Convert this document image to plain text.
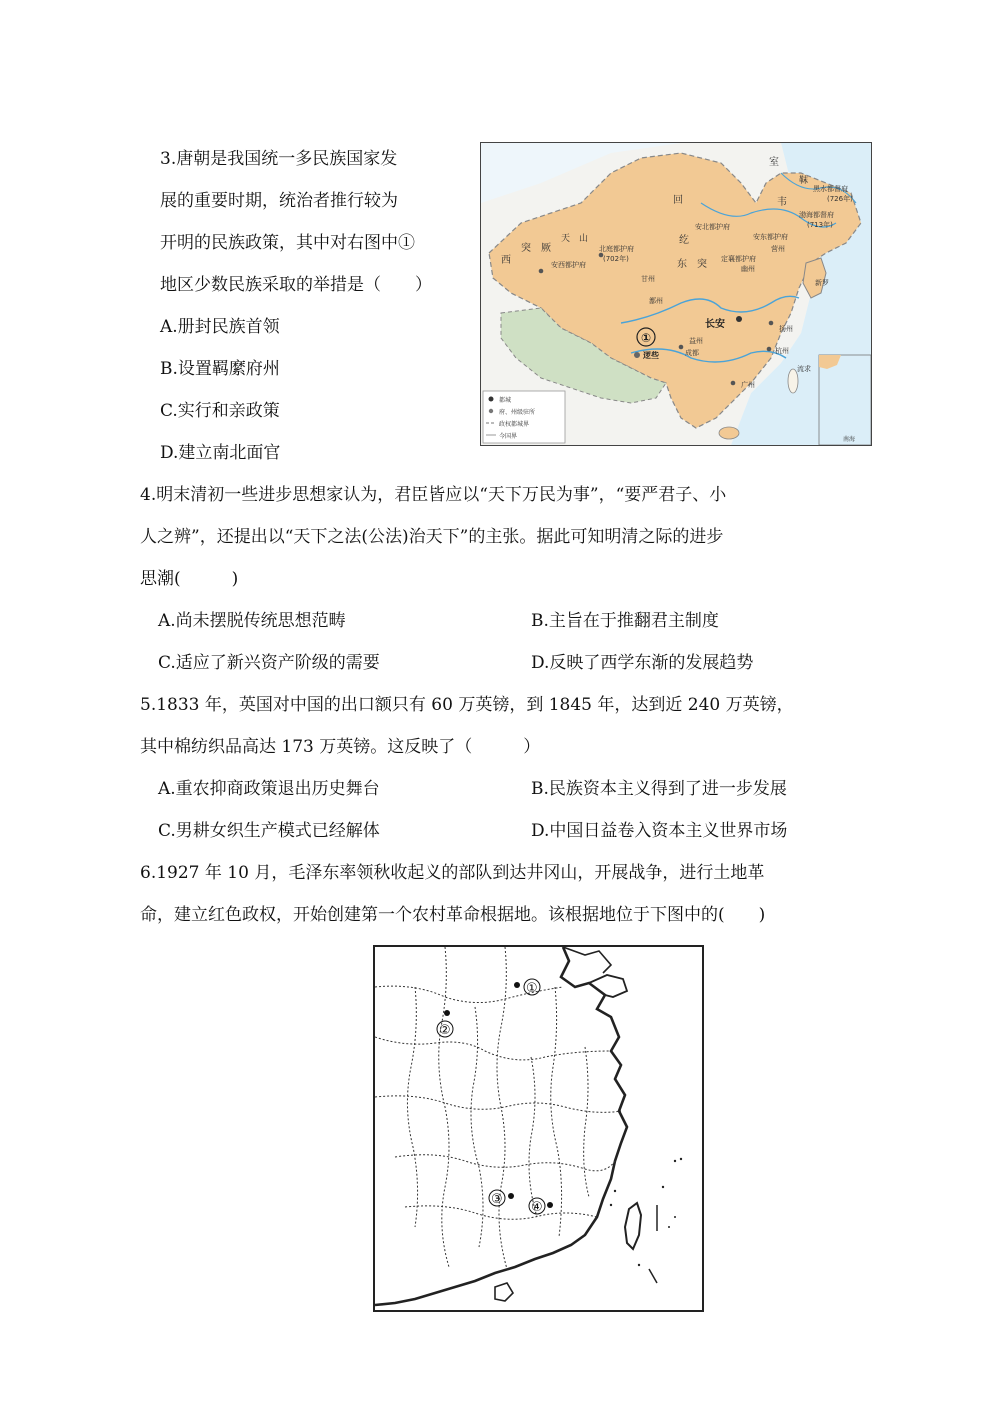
3.唐朝是我国统一多民族国家发
展的重要时期，统治者推行较为
开明的民族政策，其中对右图中①
地区少数民族采取的举措是（　　）
A.册封民族首领
B.设置羁縻府州
C.实行和亲政策
D.建立南北面官
室
韦
靺
黑水都督府
(726年)
渤海都督府
(713年)
回
纥
安北都护府
安东都护府
定襄都护府
西
突　厥
天　山
东　突
北庭都护府
(702年)
安西都护府
甘州
鄯州
幽州
营州
长安	扬州
杭州
益州
成都
广州
新罗
流求
①
逻些
都城
府、州级驻所
政权都城界
今国界	南海
4.明末清初一些进步思想家认为，君臣皆应以“天下万民为事”，“要严君子、小
人之辨”，还提出以“天下之法(公法)治天下”的主张。据此可知明清之际的进步
思潮(　　　)
A.尚未摆脱传统思想范畴	B.主旨在于推翻君主制度
C.适应了新兴资产阶级的需要	D.反映了西学东渐的发展趋势
5.1833 年，英国对中国的出口额只有 60 万英镑，到 1845 年，达到近 240 万英镑，
其中棉纺织品高达 173 万英镑。这反映了（　　　）
A.重农抑商政策退出历史舞台	B.民族资本主义得到了进一步发展
C.男耕女织生产模式已经解体	D.中国日益卷入资本主义世界市场
6.1927 年 10 月，毛泽东率领秋收起义的部队到达井冈山，开展战争，进行土地革
命，建立红色政权，开始创建第一个农村革命根据地。该根据地位于下图中的(　　)
①
②
③
④
